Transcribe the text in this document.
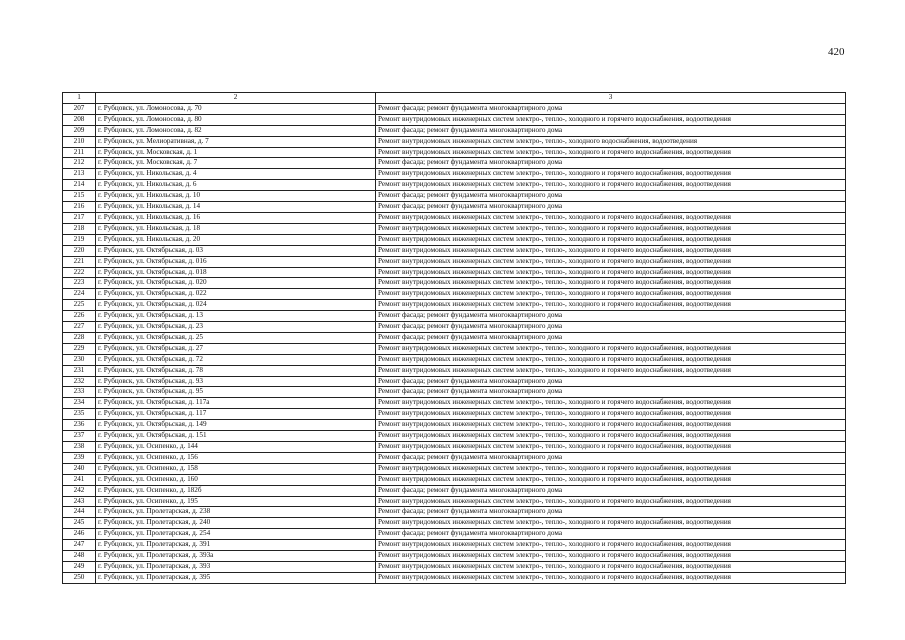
420
1	2	3
207	г. Рубцовск, ул. Ломоносова, д. 70	Ремонт фасада; ремонт фундамента многоквартирного дома
208	г. Рубцовск, ул. Ломоносова, д. 80	Ремонт внутридомовых инженерных систем электро-, тепло-, холодного и горячего водоснабжения, водоотведения
209	г. Рубцовск, ул. Ломоносова, д. 82	Ремонт фасада; ремонт фундамента многоквартирного дома
210	г. Рубцовск, ул. Мелиоративная, д. 7	Ремонт внутридомовых инженерных систем электро-, тепло-, холодного водоснабжения, водоотведения
211	г. Рубцовск, ул. Московская, д. 1	Ремонт внутридомовых инженерных систем электро-, тепло-, холодного и горячего водоснабжения, водоотведения
212	г. Рубцовск, ул. Московская, д. 7	Ремонт фасада; ремонт фундамента многоквартирного дома
213	г. Рубцовск, ул. Никольская, д. 4	Ремонт внутридомовых инженерных систем электро-, тепло-, холодного и горячего водоснабжения, водоотведения
214	г. Рубцовск, ул. Никольская, д. 6	Ремонт внутридомовых инженерных систем электро-, тепло-, холодного и горячего водоснабжения, водоотведения
215	г. Рубцовск, ул. Никольская, д. 10	Ремонт фасада; ремонт фундамента многоквартирного дома
216	г. Рубцовск, ул. Никольская, д. 14	Ремонт фасада; ремонт фундамента многоквартирного дома
217	г. Рубцовск, ул. Никольская, д. 16	Ремонт внутридомовых инженерных систем электро-, тепло-, холодного и горячего водоснабжения, водоотведения
218	г. Рубцовск, ул. Никольская, д. 18	Ремонт внутридомовых инженерных систем электро-, тепло-, холодного и горячего водоснабжения, водоотведения
219	г. Рубцовск, ул. Никольская, д. 20	Ремонт внутридомовых инженерных систем электро-, тепло-, холодного и горячего водоснабжения, водоотведения
220	г. Рубцовск, ул. Октябрьская, д. 03	Ремонт внутридомовых инженерных систем электро-, тепло-, холодного и горячего водоснабжения, водоотведения
221	г. Рубцовск, ул. Октябрьская, д. 016	Ремонт внутридомовых инженерных систем электро-, тепло-, холодного и горячего водоснабжения, водоотведения
222	г. Рубцовск, ул. Октябрьская, д. 018	Ремонт внутридомовых инженерных систем электро-, тепло-, холодного и горячего водоснабжения, водоотведения
223	г. Рубцовск, ул. Октябрьская, д. 020	Ремонт внутридомовых инженерных систем электро-, тепло-, холодного и горячего водоснабжения, водоотведения
224	г. Рубцовск, ул. Октябрьская, д. 022	Ремонт внутридомовых инженерных систем электро-, тепло-, холодного и горячего водоснабжения, водоотведения
225	г. Рубцовск, ул. Октябрьская, д. 024	Ремонт внутридомовых инженерных систем электро-, тепло-, холодного и горячего водоснабжения, водоотведения
226	г. Рубцовск, ул. Октябрьская, д. 13	Ремонт фасада; ремонт фундамента многоквартирного дома
227	г. Рубцовск, ул. Октябрьская, д. 23	Ремонт фасада; ремонт фундамента многоквартирного дома
228	г. Рубцовск, ул. Октябрьская, д. 25	Ремонт фасада; ремонт фундамента многоквартирного дома
229	г. Рубцовск, ул. Октябрьская, д. 27	Ремонт внутридомовых инженерных систем электро-, тепло-, холодного и горячего водоснабжения, водоотведения
230	г. Рубцовск, ул. Октябрьская, д. 72	Ремонт внутридомовых инженерных систем электро-, тепло-, холодного и горячего водоснабжения, водоотведения
231	г. Рубцовск, ул. Октябрьская, д. 78	Ремонт внутридомовых инженерных систем электро-, тепло-, холодного и горячего водоснабжения, водоотведения
232	г. Рубцовск, ул. Октябрьская, д. 93	Ремонт фасада; ремонт фундамента многоквартирного дома
233	г. Рубцовск, ул. Октябрьская, д. 95	Ремонт фасада; ремонт фундамента многоквартирного дома
234	г. Рубцовск, ул. Октябрьская, д. 117а	Ремонт внутридомовых инженерных систем электро-, тепло-, холодного и горячего водоснабжения, водоотведения
235	г. Рубцовск, ул. Октябрьская, д. 117	Ремонт внутридомовых инженерных систем электро-, тепло-, холодного и горячего водоснабжения, водоотведения
236	г. Рубцовск, ул. Октябрьская, д. 149	Ремонт внутридомовых инженерных систем электро-, тепло-, холодного и горячего водоснабжения, водоотведения
237	г. Рубцовск, ул. Октябрьская, д. 151	Ремонт внутридомовых инженерных систем электро-, тепло-, холодного и горячего водоснабжения, водоотведения
238	г. Рубцовск, ул. Осипенко, д. 144	Ремонт внутридомовых инженерных систем электро-, тепло-, холодного и горячего водоснабжения, водоотведения
239	г. Рубцовск, ул. Осипенко, д. 156	Ремонт фасада; ремонт фундамента многоквартирного дома
240	г. Рубцовск, ул. Осипенко, д. 158	Ремонт внутридомовых инженерных систем электро-, тепло-, холодного и горячего водоснабжения, водоотведения
241	г. Рубцовск, ул. Осипенко, д. 160	Ремонт внутридомовых инженерных систем электро-, тепло-, холодного и горячего водоснабжения, водоотведения
242	г. Рубцовск, ул. Осипенко, д. 182б	Ремонт фасада; ремонт фундамента многоквартирного дома
243	г. Рубцовск, ул. Осипенко, д. 195	Ремонт внутридомовых инженерных систем электро-, тепло-, холодного и горячего водоснабжения, водоотведения
244	г. Рубцовск, ул. Пролетарская, д. 238	Ремонт фасада; ремонт фундамента многоквартирного дома
245	г. Рубцовск, ул. Пролетарская, д. 240	Ремонт внутридомовых инженерных систем электро-, тепло-, холодного и горячего водоснабжения, водоотведения
246	г. Рубцовск, ул. Пролетарская, д. 254	Ремонт фасада; ремонт фундамента многоквартирного дома
247	г. Рубцовск, ул. Пролетарская, д. 391	Ремонт внутридомовых инженерных систем электро-, тепло-, холодного и горячего водоснабжения, водоотведения
248	г. Рубцовск, ул. Пролетарская, д. 393а	Ремонт внутридомовых инженерных систем электро-, тепло-, холодного и горячего водоснабжения, водоотведения
249	г. Рубцовск, ул. Пролетарская, д. 393	Ремонт внутридомовых инженерных систем электро-, тепло-, холодного и горячего водоснабжения, водоотведения
250	г. Рубцовск, ул. Пролетарская, д. 395	Ремонт внутридомовых инженерных систем электро-, тепло-, холодного и горячего водоснабжения, водоотведения
